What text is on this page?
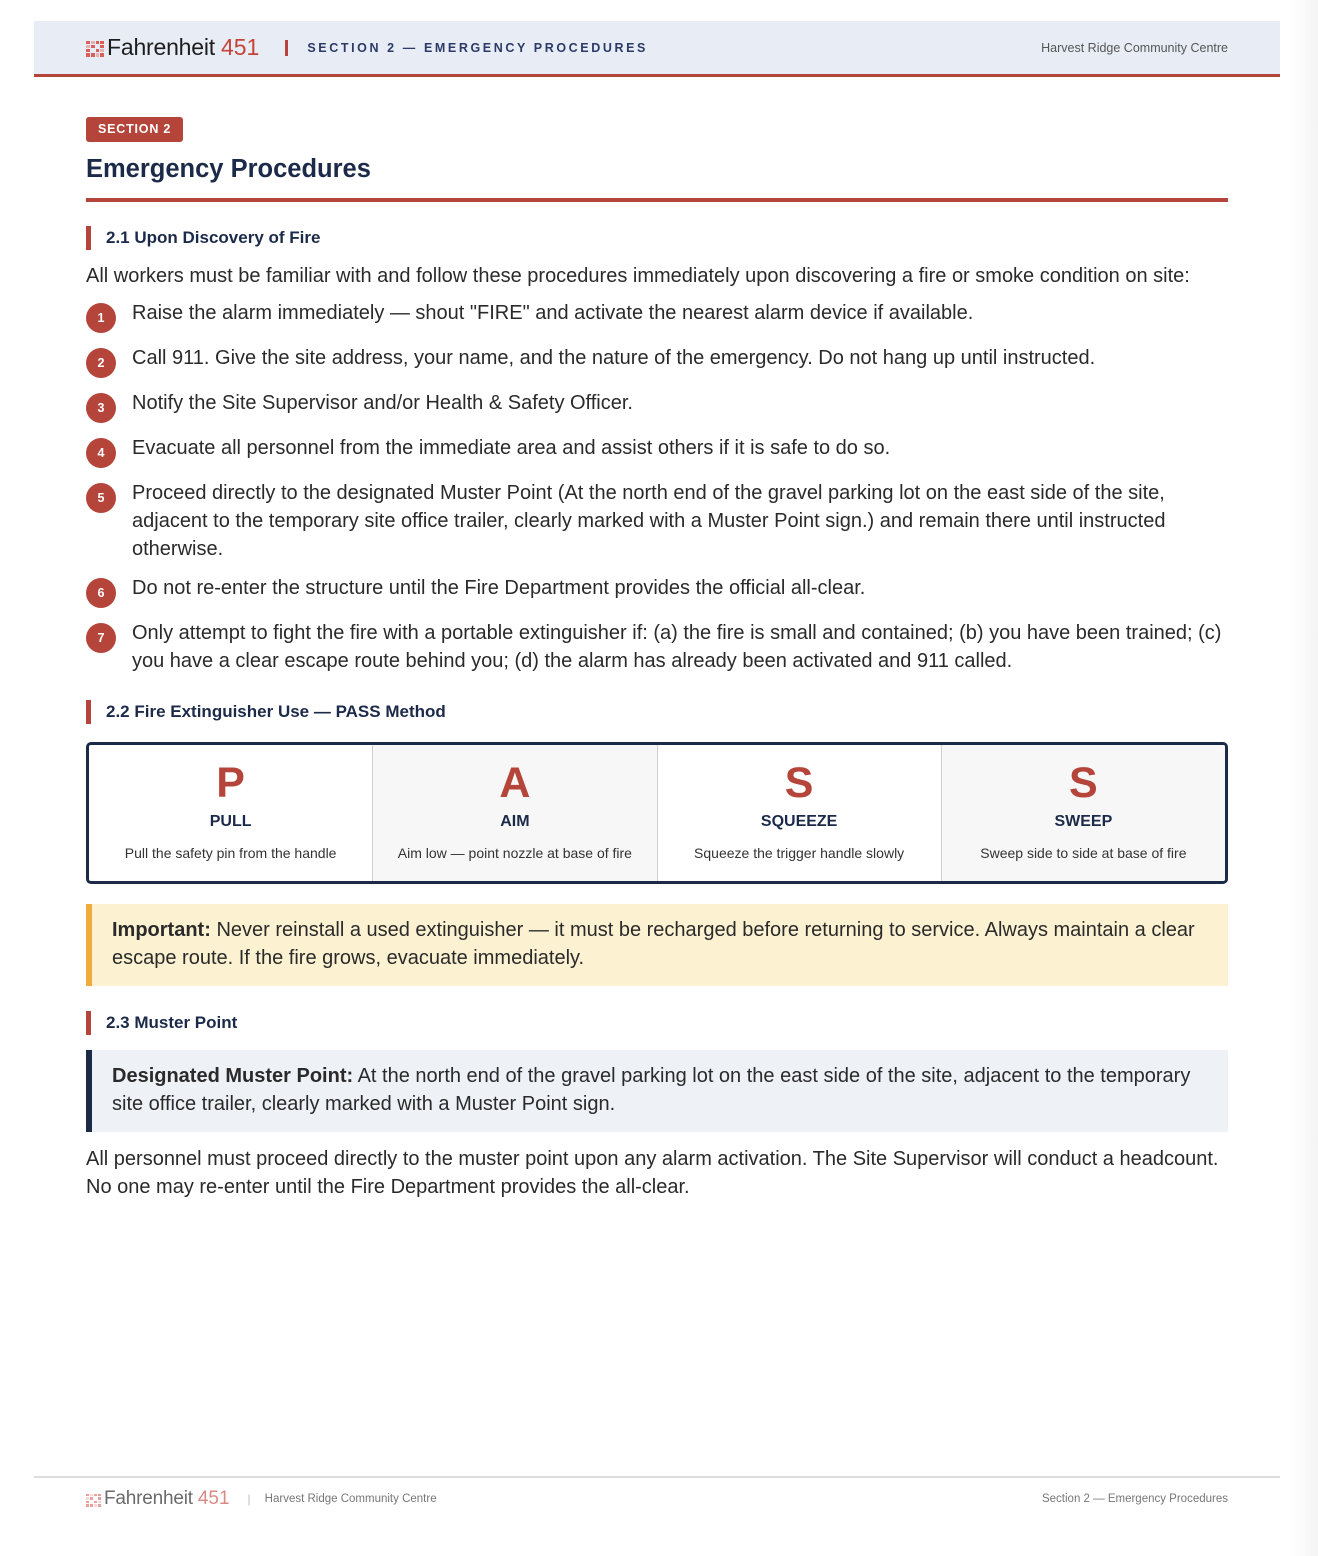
Fahrenheit 451	SECTION 2 — EMERGENCY PROCEDURES	Harvest Ridge Community Centre
SECTION 2
Emergency Procedures
2.1 Upon Discovery of Fire

All workers must be familiar with and follow these procedures immediately upon discovering a fire or smoke condition on site:

1	Raise the alarm immediately — shout "FIRE" and activate the nearest alarm device if available.
2	Call 911. Give the site address, your name, and the nature of the emergency. Do not hang up until instructed.
3	Notify the Site Supervisor and/or Health & Safety Officer.
4	Evacuate all personnel from the immediate area and assist others if it is safe to do so.
5	Proceed directly to the designated Muster Point (At the north end of the gravel parking lot on the east side of the site, adjacent to the temporary site office trailer, clearly marked with a Muster Point sign.) and remain there until instructed otherwise.
6	Do not re-enter the structure until the Fire Department provides the official all-clear.
7	Only attempt to fight the fire with a portable extinguisher if: (a) the fire is small and contained; (b) you have been trained; (c) you have a clear escape route behind you; (d) the alarm has already been activated and 911 called.
2.2 Fire Extinguisher Use — PASS Method
P
PULL
Pull the safety pin from the handle
A
AIM
Aim low — point nozzle at base of fire
S
SQUEEZE
Squeeze the trigger handle slowly
S
SWEEP
Sweep side to side at base of fire
Important: Never reinstall a used extinguisher — it must be recharged before returning to service. Always maintain a clear escape route. If the fire grows, evacuate immediately.
2.3 Muster Point
Designated Muster Point: At the north end of the gravel parking lot on the east side of the site, adjacent to the temporary site office trailer, clearly marked with a Muster Point sign.

All personnel must proceed directly to the muster point upon any alarm activation. The Site Supervisor will conduct a headcount. No one may re-enter until the Fire Department provides the all-clear.

Fahrenheit 451 | Harvest Ridge Community Centre	Section 2 — Emergency Procedures
